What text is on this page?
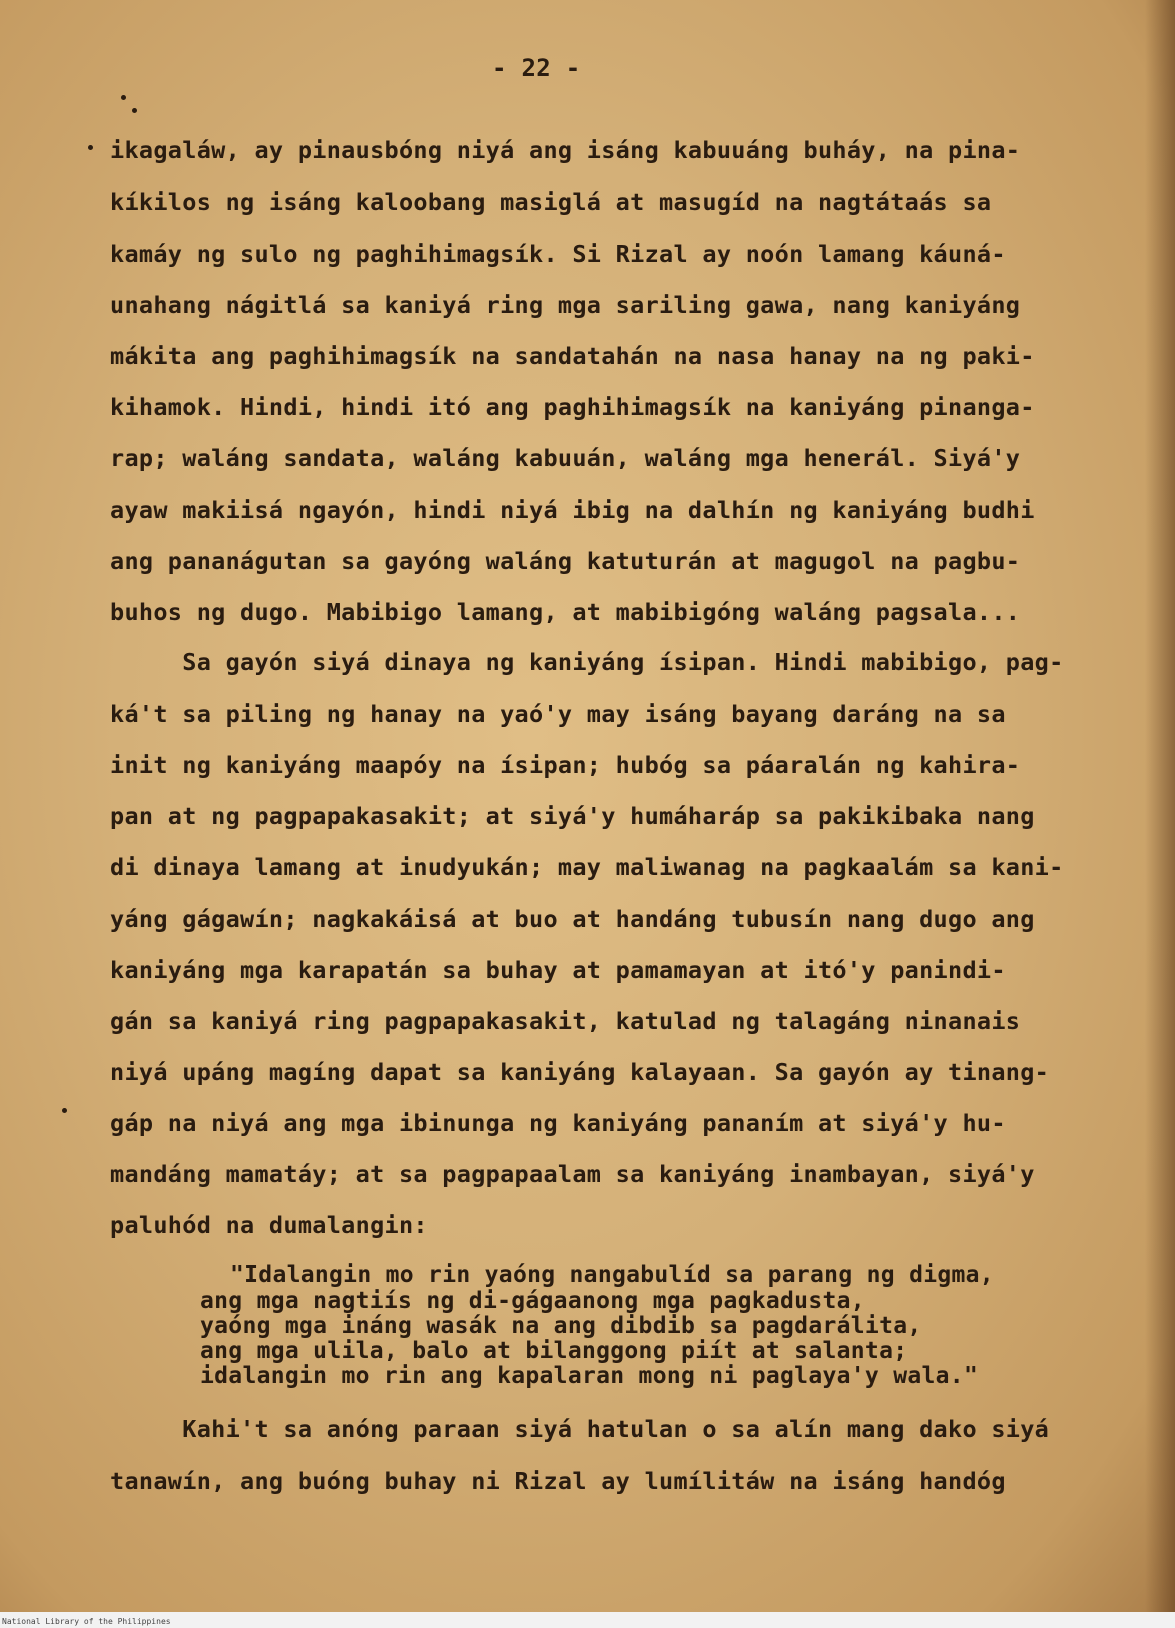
- 22 -
ikagaláw, ay pinausbóng niyá ang isáng kabuuáng buháy, na pina-
kíkilos ng isáng kaloobang masiglá at masugíd na nagtátaás sa
kamáy ng sulo ng paghihimagsík. Si Rizal ay noón lamang káuná-
unahang nágitlá sa kaniyá ring mga sariling gawa, nang kaniyáng
mákita ang paghihimagsík na sandatahán na nasa hanay na ng paki-
kihamok. Hindi, hindi itó ang paghihimagsík na kaniyáng pinanga-
rap; waláng sandata, waláng kabuuán, waláng mga henerál. Siyá'y
ayaw makiisá ngayón, hindi niyá ibig na dalhín ng kaniyáng budhi
ang pananágutan sa gayóng waláng katuturán at magugol na pagbu-
buhos ng dugo. Mabibigo lamang, at mabibigóng waláng pagsala...
Sa gayón siyá dinaya ng kaniyáng ísipan. Hindi mabibigo, pag-
ká't sa piling ng hanay na yaó'y may isáng bayang daráng na sa
init ng kaniyáng maapóy na ísipan; hubóg sa páaralán ng kahira-
pan at ng pagpapakasakit; at siyá'y humáharáp sa pakikibaka nang
di dinaya lamang at inudyukán; may maliwanag na pagkaalám sa kani-
yáng gágawín; nagkakáisá at buo at handáng tubusín nang dugo ang
kaniyáng mga karapatán sa buhay at pamamayan at itó'y panindi-
gán sa kaniyá ring pagpapakasakit, katulad ng talagáng ninanais
niyá upáng magíng dapat sa kaniyáng kalayaan. Sa gayón ay tinang-
gáp na niyá ang mga ibinunga ng kaniyáng pananím at siyá'y hu-
mandáng mamatáy; at sa pagpapaalam sa kaniyáng inambayan, siyá'y
paluhód na dumalangin:
"Idalangin mo rin yaóng nangabulíd sa parang ng digma,
ang mga nagtiís ng di-gágaanong mga pagkadusta,
yaóng mga ináng wasák na ang dibdib sa pagdarálita,
ang mga ulila, balo at bilanggong piít at salanta;
idalangin mo rin ang kapalaran mong ni paglaya'y wala."
Kahi't sa anóng paraan siyá hatulan o sa alín mang dako siyá
tanawín, ang buóng buhay ni Rizal ay lumílitáw na isáng handóg
National Library of the Philippines
